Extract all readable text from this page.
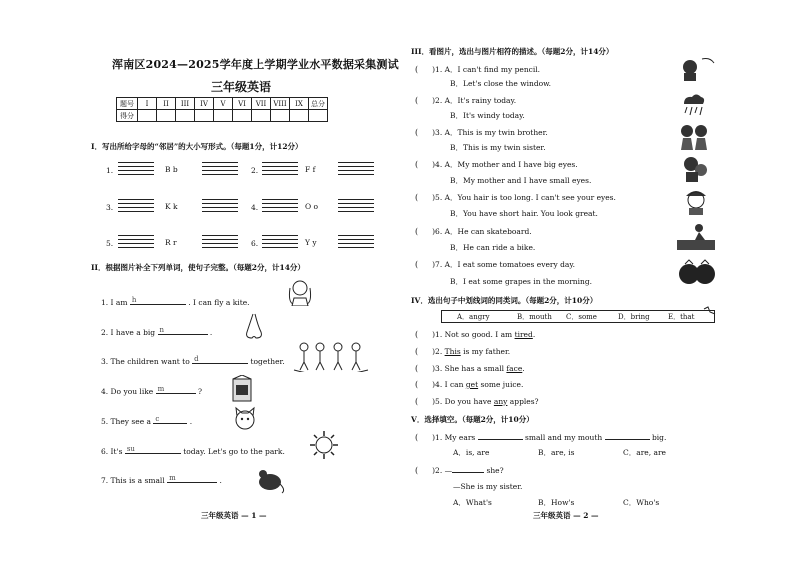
浑南区2024—2025学年度上学期学业水平数据采集测试
三年级英语
题号	I	II	III	IV	V	VI	VII	VIII	IX	总分
得分										
I．写出所给字母的“邻居”的大小写形式。（每题1分，计12分）
1.	B b	2.	F f
3.	K k	4.	O o
5.	R r	6.	Y y
II．根据图片补全下列单词，使句子完整。（每题2分，计14分）
1. I am h	. I can fly a kite.
2. I have a big n	.
3. The children want to d	together.
4. Do you like m	?
5. They see a c	.
6. It's su	today. Let's go to the park.
7. This is a small m	.
三年级英语 — 1 —
III．看图片，选出与图片相符的描述。（每题2分，计14分）
( )1. A．I can't find my pencil.
B．Let's close the window.
( )2. A．It's rainy today.
B．It's windy today.
( )3. A．This is my twin brother.
B．This is my twin sister.
( )4. A．My mother and I have big eyes.
B．My mother and I have small eyes.
( )5. A．You hair is too long. I can't see your eyes.
B．You have short hair. You look great.
( )6. A．He can skateboard.
B．He can ride a bike.
( )7. A．I eat some tomatoes every day.
B．I eat some grapes in the morning.
IV．选出句子中划线词的同类词。（每题2分，计10分）
A．angry	B．mouth C．some	D．bring	E．that
( )1. Not so good. I am tired.
( )2. This is my father.
( )3. She has a small face.
( )4. I can get some juice.
( )5. Do you have any apples?
V．选择填空。（每题2分，计10分）
( )1. My ears	small and my mouth	big.
A．is, are	B．are, is	C．are, are
( )2. —	she?
—She is my sister.
A．What's	B．How's	C．Who's
三年级英语 — 2 —
